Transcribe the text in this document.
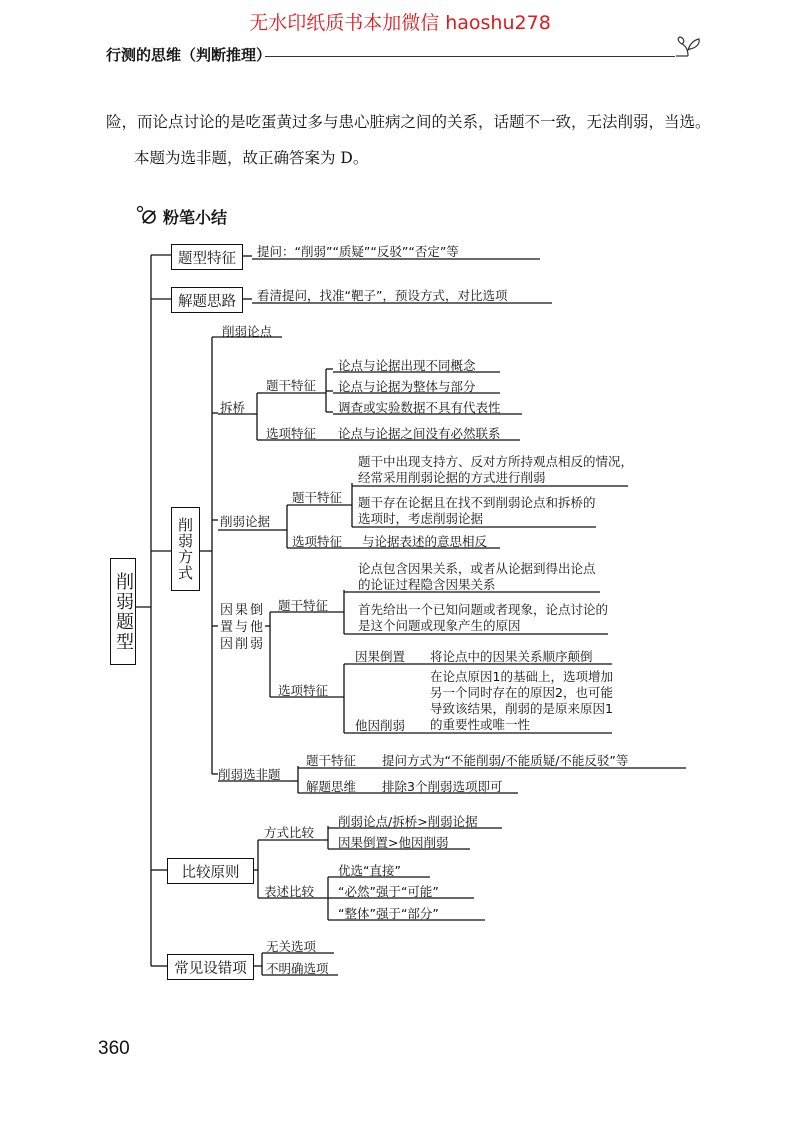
无水印纸质书本加微信 haoshu278
行测的思维（判断推理）
险，而论点讨论的是吃蛋黄过多与患心脏病之间的关系，话题不一致，无法削弱，当选。
本题为选非题，故正确答案为 D。
粉笔小结
削弱题型
题型特征
解题思路
削弱方式
比较原则
常见设错项
提问：“削弱”“质疑”“反驳”“否定”等
看清提问，找准“靶子”，预设方式，对比选项
削弱论点
拆桥
题干特征
论点与论据出现不同概念
论点与论据为整体与部分
调查或实验数据不具有代表性
选项特征 论点与论据之间没有必然联系
削弱论据
题干特征
题干中出现支持方、反对方所持观点相反的情况，经常采用削弱论据的方式进行削弱
题干存在论据且在找不到削弱论点和拆桥的选项时，考虑削弱论据
选项特征 与论据表述的意思相反
因果倒置与他因削弱
题干特征
论点包含因果关系，或者从论据到得出论点的论证过程隐含因果关系
首先给出一个已知问题或者现象，论点讨论的是这个问题或现象产生的原因
选项特征
因果倒置 将论点中的因果关系顺序颠倒
他因削弱
在论点原因1的基础上，选项增加另一个同时存在的原因2，也可能导致该结果，削弱的是原来原因1的重要性或唯一性
削弱选非题
题干特征 提问方式为“不能削弱/不能质疑/不能反驳”等
解题思维 排除3个削弱选项即可
方式比较
削弱论点/拆桥>削弱论据
因果倒置>他因削弱
表述比较
优选“直接”
“必然”强于“可能”
“整体”强于“部分”
无关选项
不明确选项
360
